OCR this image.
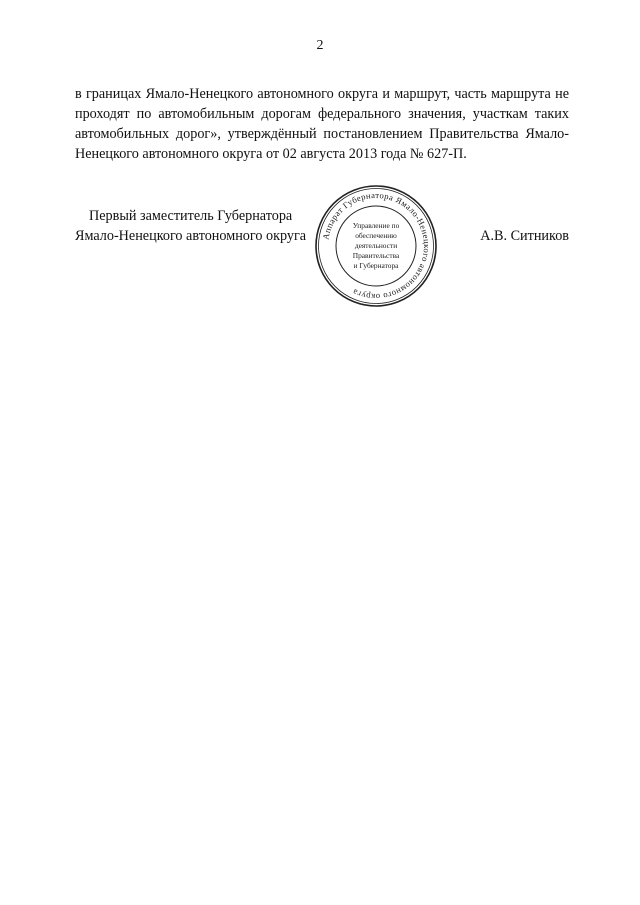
2

в границах Ямало-Ненецкого автономного округа и маршрут, часть маршрута не проходят по автомобильным дорогам федерального значения, участкам таких автомобильных дорог», утверждённый постановлением Правительства Ямало-Ненецкого автономного округа от 02 августа 2013 года № 627-П.

Первый заместитель Губернатора
Ямало-Ненецкого автономного округа	Аппарат Губернатора Ямало-Ненецкого автономного округа
Управление по
обеспечению
деятельности
Правительства
и Губернатора
А.В. Ситников
